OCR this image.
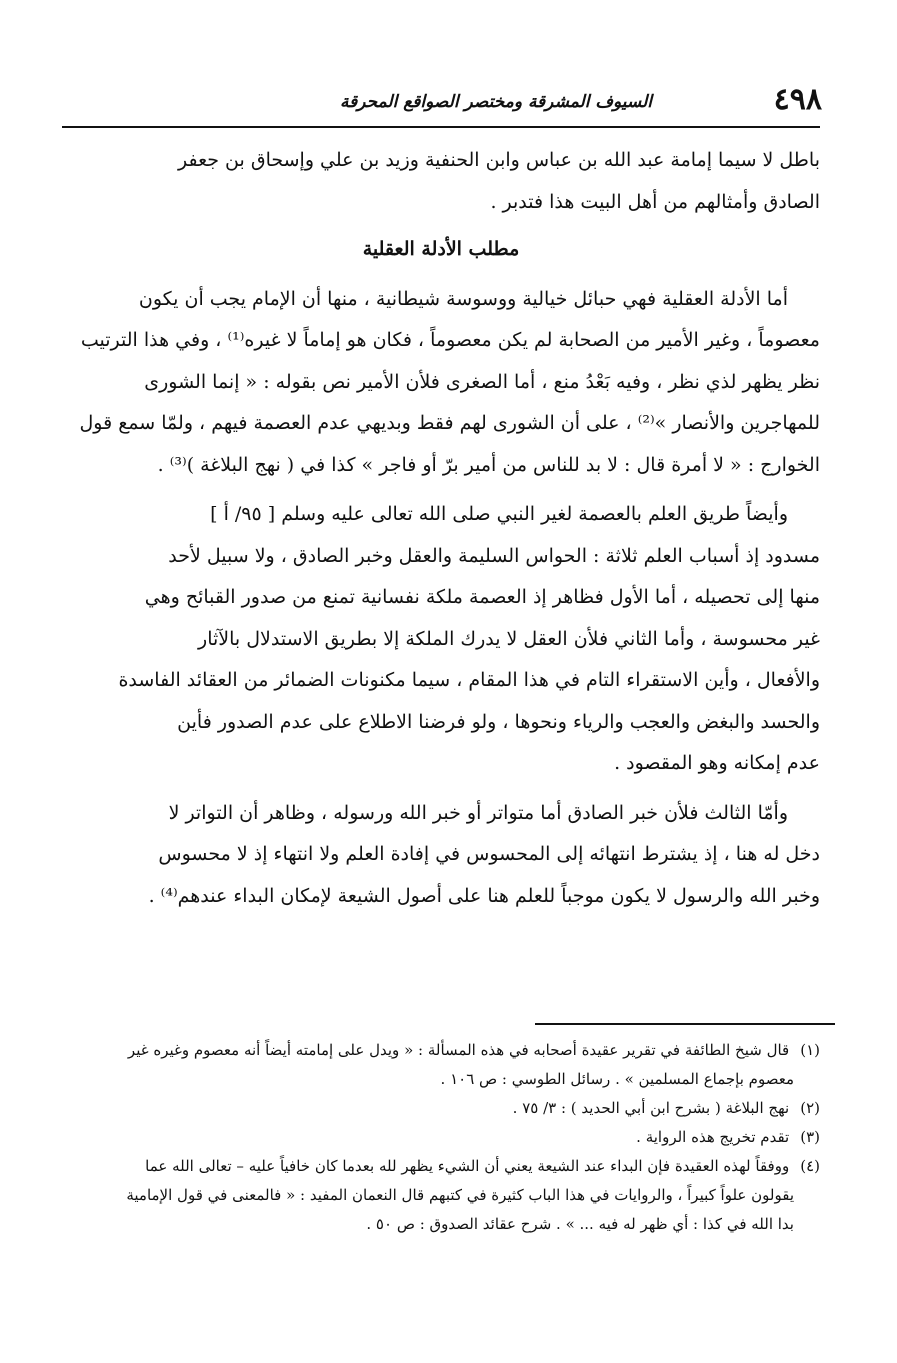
٤٩٨
السيوف المشرقة ومختصر الصواقع المحرقة

باطل لا سيما إمامة عبد الله بن عباس وابن الحنفية وزيد بن علي وإسحاق بن جعفر

الصادق وأمثالهم من أهل البيت هذا فتدبر .

مطلب الأدلة العقلية

أما الأدلة العقلية فهي حبائل خيالية ووسوسة شيطانية ، منها أن الإمام يجب أن يكون

معصوماً ، وغير الأمير من الصحابة لم يكن معصوماً ، فكان هو إماماً لا غيره⁽¹⁾ ، وفي هذا الترتيب

نظر يظهر لذي نظر ، وفيه بَعْدُ منع ، أما الصغرى فلأن الأمير نص بقوله : « إنما الشورى

للمهاجرين والأنصار »⁽²⁾ ، على أن الشورى لهم فقط وبديهي عدم العصمة فيهم ، ولمّا سمع قول

الخوارج : « لا أمرة قال : لا بد للناس من أمير برّ أو فاجر » كذا في ( نهج البلاغة )⁽³⁾ .

وأيضاً طريق العلم بالعصمة لغير النبي صلى الله تعالى عليه وسلم [ ٩٥/ أ ]

مسدود إذ أسباب العلم ثلاثة : الحواس السليمة والعقل وخبر الصادق ، ولا سبيل لأحد

منها إلى تحصيله ، أما الأول فظاهر إذ العصمة ملكة نفسانية تمنع من صدور القبائح وهي

غير محسوسة ، وأما الثاني فلأن العقل لا يدرك الملكة إلا بطريق الاستدلال بالآثار

والأفعال ، وأين الاستقراء التام في هذا المقام ، سيما مكنونات الضمائر من العقائد الفاسدة

والحسد والبغض والعجب والرياء ونحوها ، ولو فرضنا الاطلاع على عدم الصدور فأين

عدم إمكانه وهو المقصود .

وأمّا الثالث فلأن خبر الصادق أما متواتر أو خبر الله ورسوله ، وظاهر أن التواتر لا

دخل له هنا ، إذ يشترط انتهائه إلى المحسوس في إفادة العلم ولا انتهاء إذ لا محسوس

وخبر الله والرسول لا يكون موجباً للعلم هنا على أصول الشيعة لإمكان البداء عندهم⁽⁴⁾ .

(١) قال شيخ الطائفة في تقرير عقيدة أصحابه في هذه المسألة : « ويدل على إمامته أيضاً أنه معصوم وغيره غير

معصوم بإجماع المسلمين » . رسائل الطوسي : ص ١٠٦ .

(٢) نهج البلاغة ( بشرح ابن أبي الحديد ) : ٣/ ٧٥ .

(٣) تقدم تخريج هذه الرواية .

(٤) ووفقاً لهذه العقيدة فإن البداء عند الشيعة يعني أن الشيء يظهر لله بعدما كان خافياً عليه – تعالى الله عما

يقولون علواً كبيراً ، والروايات في هذا الباب كثيرة في كتبهم قال النعمان المفيد : « فالمعنى في قول الإمامية

بدا الله في كذا : أي ظهر له فيه ... » . شرح عقائد الصدوق : ص ٥٠ .
